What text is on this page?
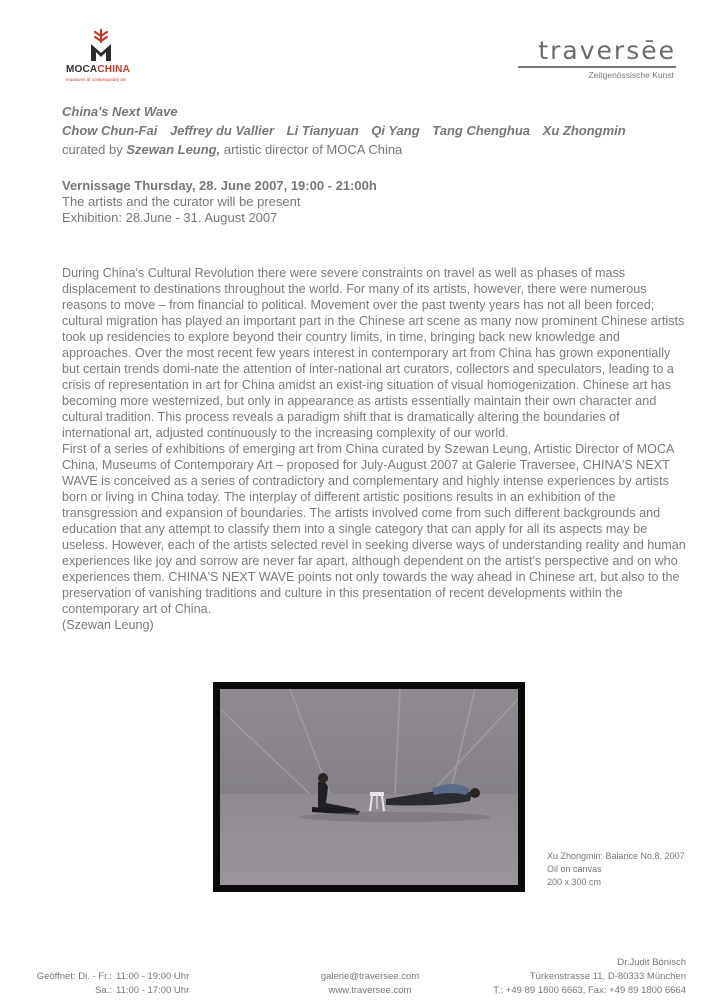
MOCACHINA
museums of contemporary art
traversēe
Zeitgenössische Kunst
China's Next Wave
Chow Chun-Fai Jeffrey du Vallier Li Tianyuan Qi Yang Tang Chenghua Xu Zhongmin
curated by Szewan Leung, artistic director of MOCA China
Vernissage Thursday, 28. June 2007, 19:00 - 21:00h
The artists and the curator will be present
Exhibition: 28.June - 31. August 2007

During China's Cultural Revolution there were severe constraints on travel as well as phases of mass displacement to destinations throughout the world. For many of its artists, however, there were numerous reasons to move – from financial to political. Movement over the past twenty years has not all been forced; cultural migration has played an important part in the Chinese art scene as many now prominent Chinese artists took up residencies to explore beyond their country limits, in time, bringing back new knowledge and approaches. Over the most recent few years interest in contemporary art from China has grown exponentially but certain trends domi-nate the attention of inter-national art curators, collectors and speculators, leading to a crisis of representation in art for China amidst an exist-ing situation of visual homogenization. Chinese art has becoming more westernized, but only in appearance as artists essentially maintain their own character and cultural tradition. This process reveals a paradigm shift that is dramatically altering the boundaries of international art, adjusted continuously to the increasing complexity of our world.

First of a series of exhibitions of emerging art from China curated by Szewan Leung, Artistic Director of MOCA China, Museums of Contemporary Art – proposed for July-August 2007 at Galerie Traversee, CHINA'S NEXT WAVE is conceived as a series of contradictory and complementary and highly intense experiences by artists born or living in China today. The interplay of different artistic positions results in an exhibition of the transgression and expansion of boundaries. The artists involved come from such different backgrounds and education that any attempt to classify them into a single category that can apply for all its aspects may be useless. However, each of the artists selected revel in seeking diverse ways of understanding reality and human experiences like joy and sorrow are never far apart, although dependent on the artist's perspective and on who experiences them. CHINA'S NEXT WAVE points not only towards the way ahead in Chinese art, but also to the preservation of vanishing traditions and culture in this presentation of recent developments within the contemporary art of China.

(Szewan Leung)

Xu Zhongmin: Balance No.8, 2007
Oil on canvas
200 x 300 cm
Geöffnet: Di. - Fr.: 11:00 - 19:00 Uhr
Sa.: 11:00 - 17:00 Uhr
galerie@traversee.com
www.traversee.com
Dr.Judit Bönisch
Türkenstrasse 11, D-80333 München
T.: +49 89 1800 6663, Fax: +49 89 1800 6664
